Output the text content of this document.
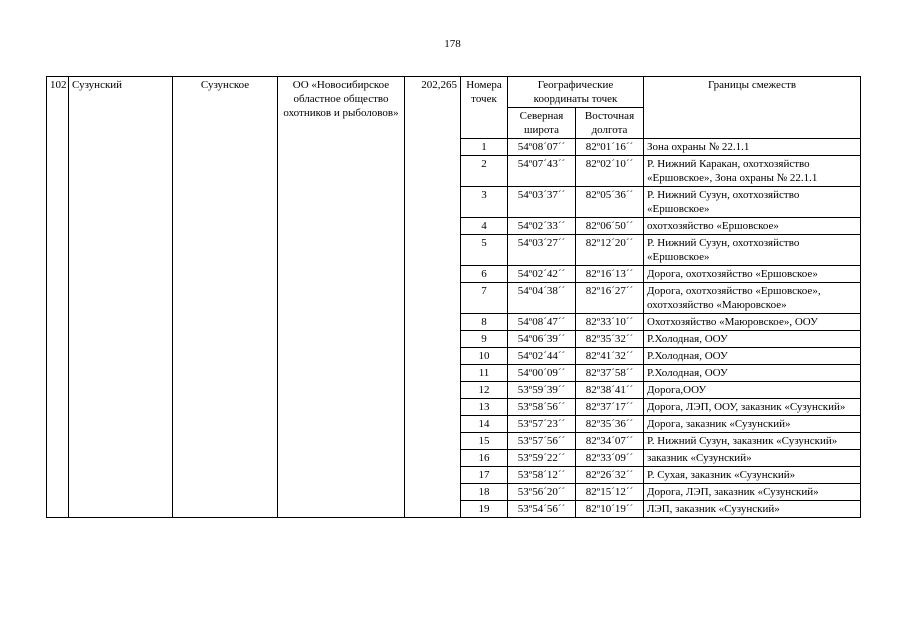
178
102	Сузунский	Сузунское	ОО «Новосибирское областное общество охотников и рыболовов»	202,265	Номера точек	Географические координаты точек		Границы смежеств
						Северная широта	Восточная долгота	
					1	54º08´07´´	82º01´16´´	Зона охраны № 22.1.1
					2	54º07´43´´	82º02´10´´	Р. Нижний Каракан, охотхозяйство «Ершовское», Зона охраны № 22.1.1
					3	54º03´37´´	82º05´36´´	Р. Нижний Сузун, охотхозяйство «Ершовское»
					4	54º02´33´´	82º06´50´´	охотхозяйство «Ершовское»
					5	54º03´27´´	82º12´20´´	Р. Нижний Сузун, охотхозяйство «Ершовское»
					6	54º02´42´´	82º16´13´´	Дорога, охотхозяйство «Ершовское»
					7	54º04´38´´	82º16´27´´	Дорога, охотхозяйство «Ершовское», охотхозяйство «Маюровское»
					8	54º08´47´´	82º33´10´´	Охотхозяйство «Маюровское», ООУ
					9	54º06´39´´	82º35´32´´	Р.Холодная, ООУ
					10	54º02´44´´	82º41´32´´	Р.Холодная, ООУ
					11	54º00´09´´	82º37´58´´	Р.Холодная, ООУ
					12	53º59´39´´	82º38´41´´	Дорога,ООУ
					13	53º58´56´´	82º37´17´´	Дорога, ЛЭП, ООУ, заказник «Сузунский»
					14	53º57´23´´	82º35´36´´	Дорога, заказник «Сузунский»
					15	53º57´56´´	82º34´07´´	Р. Нижний Сузун, заказник «Сузунский»
					16	53º59´22´´	82º33´09´´	заказник «Сузунский»
					17	53º58´12´´	82º26´32´´	Р. Сухая, заказник «Сузунский»
					18	53º56´20´´	82º15´12´´	Дорога, ЛЭП, заказник «Сузунский»
					19	53º54´56´´	82º10´19´´	ЛЭП, заказник «Сузунский»
